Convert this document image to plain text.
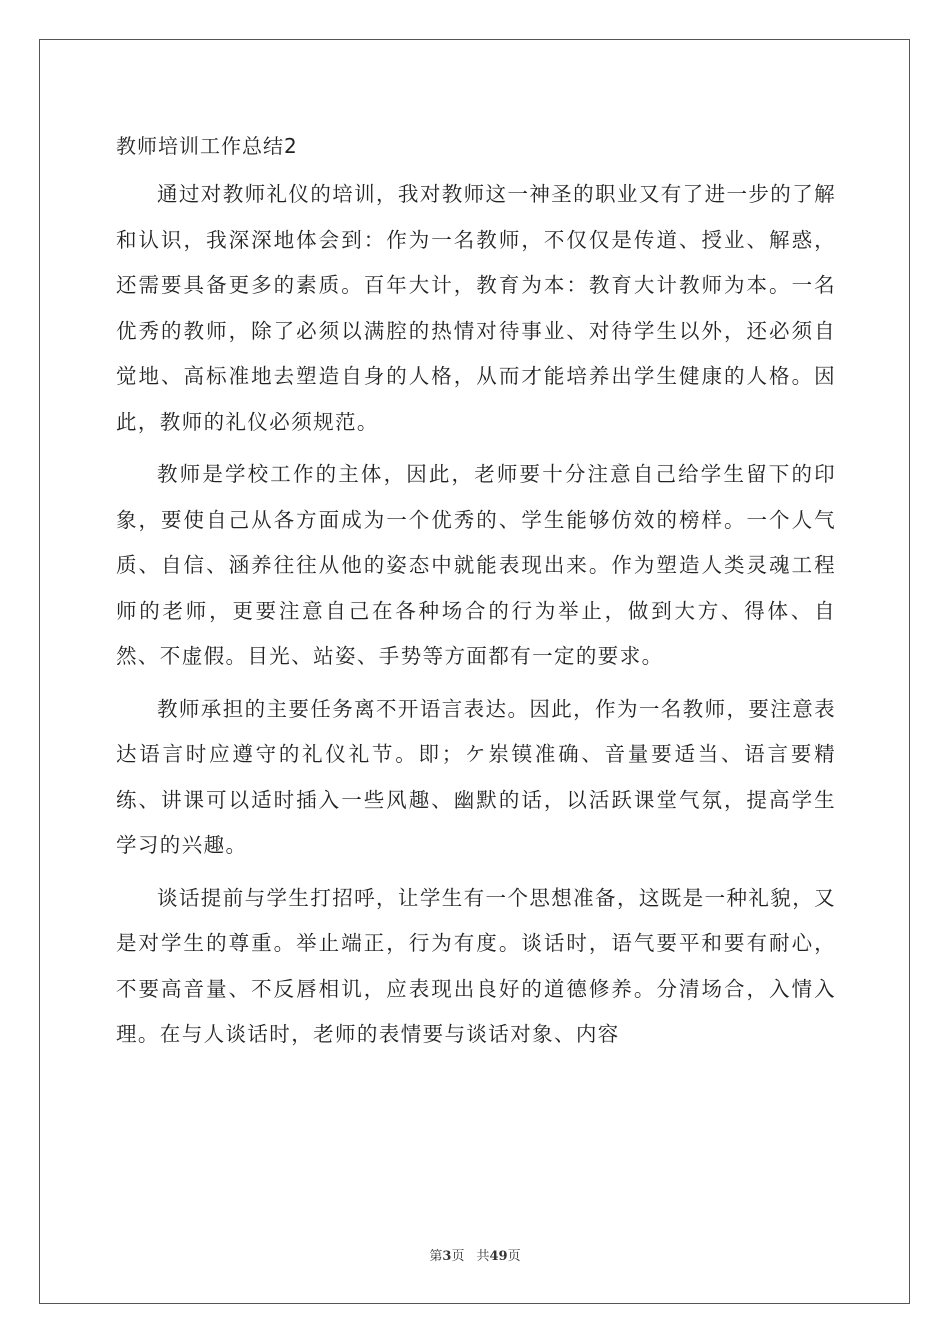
教师培训工作总结2

通过对教师礼仪的培训，我对教师这一神圣的职业又有了进一步的了解和认识，我深深地体会到：作为一名教师，不仅仅是传道、授业、解惑，还需要具备更多的素质。百年大计，教育为本：教育大计教师为本。一名优秀的教师，除了必须以满腔的热情对待事业、对待学生以外，还必须自觉地、高标准地去塑造自身的人格，从而才能培养出学生健康的人格。因此，教师的礼仪必须规范。

教师是学校工作的主体，因此，老师要十分注意自己给学生留下的印象，要使自己从各方面成为一个优秀的、学生能够仿效的榜样。一个人气质、自信、涵养往往从他的姿态中就能表现出来。作为塑造人类灵魂工程师的老师，更要注意自己在各种场合的行为举止，做到大方、得体、自然、不虚假。目光、站姿、手势等方面都有一定的要求。

教师承担的主要任务离不开语言表达。因此，作为一名教师，要注意表达语言时应遵守的礼仪礼节。即；ケ岽镆准确、音量要适当、语言要精练、讲课可以适时插入一些风趣、幽默的话，以活跃课堂气氛，提高学生学习的兴趣。

谈话提前与学生打招呼，让学生有一个思想准备，这既是一种礼貌，又是对学生的尊重。举止端正，行为有度。谈话时，语气要平和要有耐心，不要高音量、不反唇相讥，应表现出良好的道德修养。分清场合，入情入理。在与人谈话时，老师的表情要与谈话对象、内容

第3页 共49页
